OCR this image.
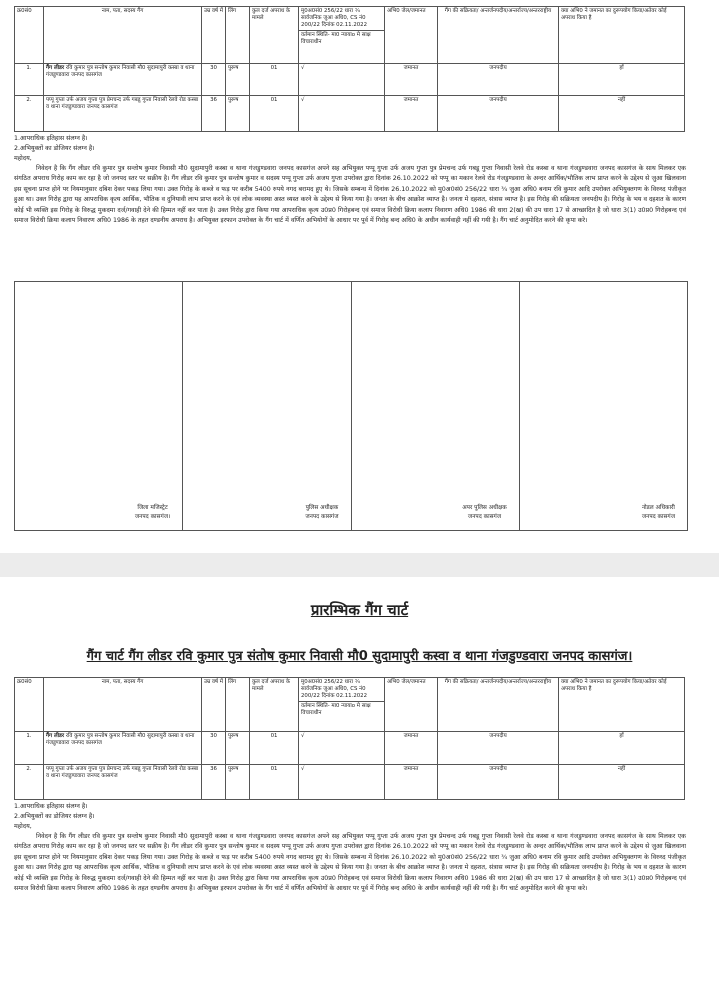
क्र0सं0	नाम, पता, सदस्य गैंग	उम्र वर्ष में	लिंग	कुल दर्ज अपराध के मामले	मु0अ0सं0 256/22 धारा ¾ सार्वजनिक जुआ अधि0, CS नं0 200/22 दिनांक 02.11.2022
वर्तमान स्थिति- मा0 न्यायाo मे साक्ष विचाराधीन	अभि0 जेल/जमानत	गैंग की सक्रियता/ अन्तर्जनपदीय/अन्तर्राज्य/अन्तरराष्ट्रीय	क्या अभि0 ने जमानत का दुरूपयोग किया/अतेवर कोई अपराध किया है
1.	गैंग लीडर रवि कुमार पुत्र सन्तोष कुमार निवासी मौ0 सुदामापुरी कस्बा व थाना गंजडुण्डवारा जनपद कासगंज	30	पुरूष	01	√	जमानत	जनपदीय	हाँ
2.	पप्पू गुप्ता उर्फ अजय गुप्ता पुत्र प्रेमचन्द उर्फ गबडू गुप्ता निवासी रेलवे रोड कस्बा व थाना गंजडुण्डवारा जनपद कासगंज	36	पुरूष	01	√	जमानत	जनपदीय	नहीं
1.आपराधिक इतिहास संलग्न है।
2.अभियुक्तों का डोजियर संलग्न है।
महोदय,
निवेदन है कि गैंग लीडर रवि कुमार पुत्र सन्तोष कुमार निवासी मौ0 सुदामापुरी कस्बा व थाना गंजडुण्डवारा जनपद कासगंज अपने सह अभियुक्त पप्पू गुप्ता उर्फ अजय गुप्ता पुत्र प्रेमचन्द उर्फ गबडू गुप्ता निवासी रेलवे रोड कस्बा व थाना गंजडुण्डवारा जनपद कासगंज के साथ मिलकर एक संगठित अपराध गिरोह काम कर रहा है जो जनपद स्तर पर सक्रीय है। गैंग लीडर रवि कुमार पुत्र सन्तोष कुमार व सदस्य पप्पू गुप्ता उर्फ अजय गुप्ता उपरोक्त द्वारा दिनांक 26.10.2022 को पप्पू का मकान रेलवे रोड गंजडुण्डवारा के अन्दर आर्थिक/भौतिक लाभ प्राप्त करने के उद्देश्य से जुआ खिलवाना इस सूचना प्राप्त होने पर नियमानुसार दबिश देकर पकड़ लिया गया। उक्त गिरोह के कब्जे व फड़ पर करीब 5400 रुपये नगद बरामद हुए थे। जिसके सम्बन्ध में दिनांक 26.10.2022 को मु0अ0सं0 256/22 धारा ¾ जुआ अधि0 बनाम रवि कुमार आदि उपरोक्त अभियुक्तगण के विरुध्द पंजीकृत हुआ था। उक्त गिरोह द्वारा यह आपराधिक कृत्य आर्थिक, भौतिक व दुनियावी लाभ प्राप्त करने के एवं लोक व्यवस्था अस्त व्यस्त करने के उद्देश्य से किया गया है। जनता के बीच आक्रोश व्याप्त है। जनता मे दहशत, संत्रास व्याप्त है। इस गिरोह की सक्रियता जनपदीय है। गिरोह के भय व दहशत के कारण कोई भी व्यक्ति इस गिरोह के विरुद्ध मुकदमा दर्ज/गवाही देने की हिम्मत नहीं कर पाता है। उक्त गिरोह द्वारा किया गया आपराधिक कृत्य उ0प्र0 गिरोहबन्द एवं समाज विरोधी क्रिया कलाप निवारण अधि0 1986 की धारा 2(ख) की उप धारा 17 से आच्छादित है जो धारा 3(1) उ0प्र0 गिरोहबन्द एवं समाज विरोधी क्रिया कलाप निवारण अधि0 1986 के तहत दण्डनीय अपराध है। अभियुक्त इरफान उपरोक्त के गैंग चार्ट में वर्णित अभियोगों के आधार पर पूर्व में गिरोह बन्द अधि0 के अधीन कार्यवाही नहीं की गयी है। गैंग चार्ट अनुमोदित करने की कृपा करे।
जिला मजिस्ट्रेट
जनपद कासगंज।
पुलिस अधीक्षक
जनपद कासगंज
अपर पुलिस अधीक्षक
जनपद कासगंज
नोडल अधिकारी
जनपद कासगंज
प्रारम्भिक गैंग चार्ट
गैंग चार्ट गैंग लीडर रवि कुमार पुत्र संतोष कुमार निवासी मौ0 सुदामापुरी कस्वा व थाना गंजडुण्डवारा जनपद कासगंज।
क्र0सं0	नाम, पता, सदस्य गैंग	उम्र वर्ष में	लिंग	कुल दर्ज अपराध के मामले	मु0अ0सं0 256/22 धारा ¾ सार्वजनिक जुआ अधि0, CS नं0 200/22 दिनांक 02.11.2022
वर्तमान स्थिति- मा0 न्यायाo मे साक्ष विचाराधीन	अभि0 जेल/जमानत	गैंग की सक्रियता/ अन्तर्जनपदीय/अन्तर्राज्य/अन्तरराष्ट्रीय	क्या अभि0 ने जमानत का दुरूपयोग किया/अतेवर कोई अपराध किया है
1.	गैंग लीडर रवि कुमार पुत्र सन्तोष कुमार निवासी मौ0 सुदामापुरी कस्बा व थाना गंजडुण्डवारा जनपद कासगंज	30	पुरूष	01	√	जमानत	जनपदीय	हाँ
2.	पप्पू गुप्ता उर्फ अजय गुप्ता पुत्र प्रेमचन्द उर्फ गबडू गुप्ता निवासी रेलवे रोड कस्बा व थाना गंजडुण्डवारा जनपद कासगंज	36	पुरूष	01	√	जमानत	जनपदीय	नहीं
1.आपराधिक इतिहास संलग्न है।
2.अभियुक्तों का डोजियर संलग्न है।
महोदय,
निवेदन है कि गैंग लीडर रवि कुमार पुत्र सन्तोष कुमार निवासी मौ0 सुदामापुरी कस्बा व थाना गंजडुण्डवारा जनपद कासगंज अपने सह अभियुक्त पप्पू गुप्ता उर्फ अजय गुप्ता पुत्र प्रेमचन्द उर्फ गबडू गुप्ता निवासी रेलवे रोड कस्बा व थाना गंजडुण्डवारा जनपद कासगंज के साथ मिलकर एक संगठित अपराध गिरोह काम कर रहा है जो जनपद स्तर पर सक्रीय है। गैंग लीडर रवि कुमार पुत्र सन्तोष कुमार व सदस्य पप्पू गुप्ता उर्फ अजय गुप्ता उपरोक्त द्वारा दिनांक 26.10.2022 को पप्पू का मकान रेलवे रोड गंजडुण्डवारा के अन्दर आर्थिक/भौतिक लाभ प्राप्त करने के उद्देश्य से जुआ खिलवाना इस सूचना प्राप्त होने पर नियमानुसार दबिश देकर पकड़ लिया गया। उक्त गिरोह के कब्जे व फड़ पर करीब 5400 रुपये नगद बरामद हुए थे। जिसके सम्बन्ध में दिनांक 26.10.2022 को मु0अ0सं0 256/22 धारा ¾ जुआ अधि0 बनाम रवि कुमार आदि उपरोक्त अभियुक्तगण के विरुध्द पंजीकृत हुआ था। उक्त गिरोह द्वारा यह आपराधिक कृत्य आर्थिक, भौतिक व दुनियावी लाभ प्राप्त करने के एवं लोक व्यवस्था अस्त व्यस्त करने के उद्देश्य से किया गया है। जनता के बीच आक्रोश व्याप्त है। जनता मे दहशत, संत्रास व्याप्त है। इस गिरोह की सक्रियता जनपदीय है। गिरोह के भय व दहशत के कारण कोई भी व्यक्ति इस गिरोह के विरुद्ध मुकदमा दर्ज/गवाही देने की हिम्मत नहीं कर पाता है। उक्त गिरोह द्वारा किया गया आपराधिक कृत्य उ0प्र0 गिरोहबन्द एवं समाज विरोधी क्रिया कलाप निवारण अधि0 1986 की धारा 2(ख) की उप धारा 17 से आच्छादित है जो धारा 3(1) उ0प्र0 गिरोहबन्द एवं समाज विरोधी क्रिया कलाप निवारण अधि0 1986 के तहत दण्डनीय अपराध है। अभियुक्त इरफान उपरोक्त के गैंग चार्ट में वर्णित अभियोगों के आधार पर पूर्व में गिरोह बन्द अधि0 के अधीन कार्यवाही नहीं की गयी है। गैंग चार्ट अनुमोदित करने की कृपा करे।
